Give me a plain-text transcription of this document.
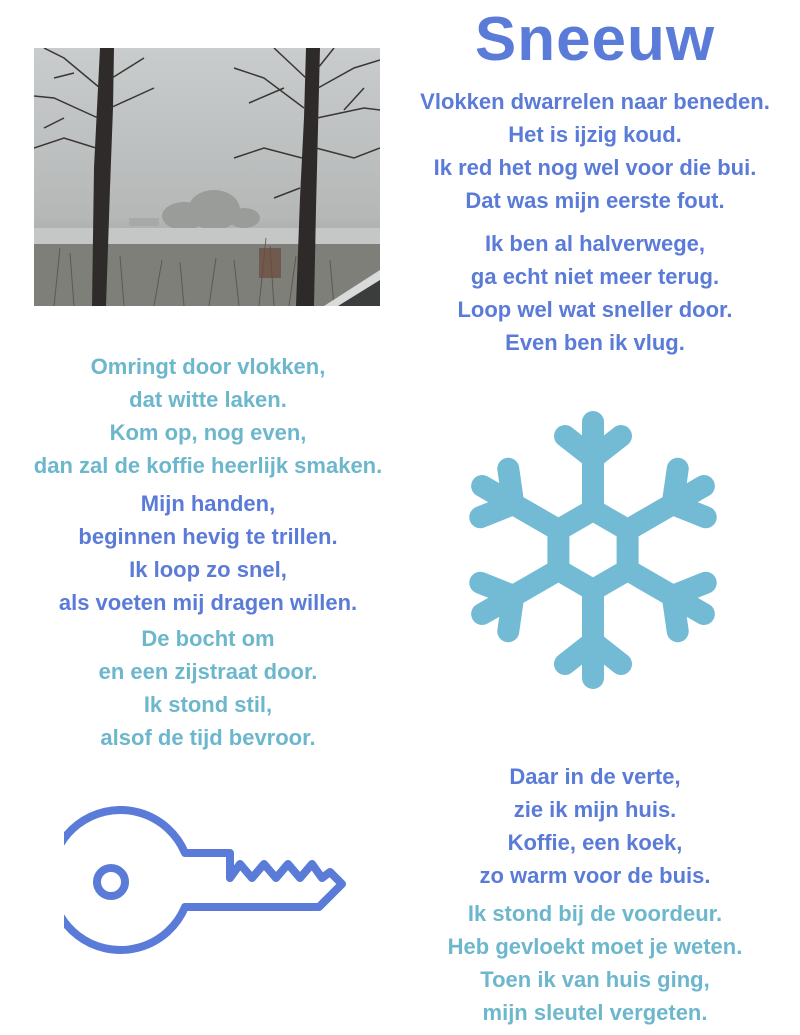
Sneeuw

Vlokken dwarrelen naar beneden.
Het is ijzig koud.
Ik red het nog wel voor die bui.
Dat was mijn eerste fout.

Ik ben al halverwege,
ga echt niet meer terug.
Loop wel wat sneller door.
Even ben ik vlug.

Omringt door vlokken,
dat witte laken.
Kom op, nog even,
dan zal de koffie heerlijk smaken.

Mijn handen,
beginnen hevig te trillen.
Ik loop zo snel,
als voeten mij dragen willen.

De bocht om
en een zijstraat door.
Ik stond stil,
alsof de tijd bevroor.

Daar in de verte,
zie ik mijn huis.
Koffie, een koek,
zo warm voor de buis.

Ik stond bij de voordeur.
Heb gevloekt moet je weten.
Toen ik van huis ging,
mijn sleutel vergeten.
